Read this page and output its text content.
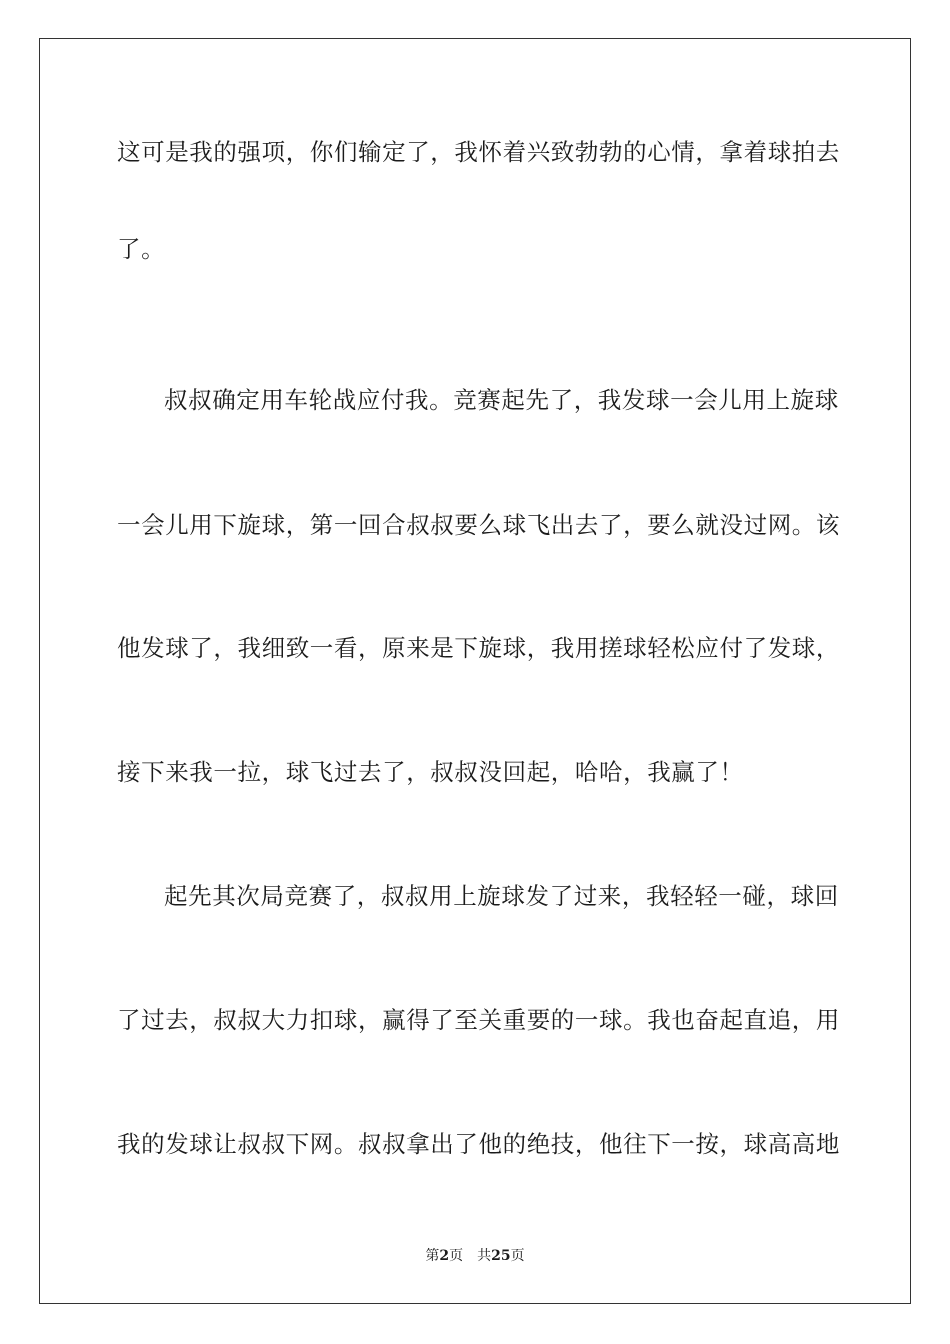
这可是我的强项，你们输定了，我怀着兴致勃勃的心情，拿着球拍去
了。
叔叔确定用车轮战应付我。竞赛起先了，我发球一会儿用上旋球
一会儿用下旋球，第一回合叔叔要么球飞出去了，要么就没过网。该
他发球了，我细致一看，原来是下旋球，我用搓球轻松应付了发球，
接下来我一拉，球飞过去了，叔叔没回起，哈哈，我赢了！
起先其次局竞赛了，叔叔用上旋球发了过来，我轻轻一碰，球回
了过去，叔叔大力扣球，赢得了至关重要的一球。我也奋起直追，用
我的发球让叔叔下网。叔叔拿出了他的绝技，他往下一按，球高高地
第2页 共25页
